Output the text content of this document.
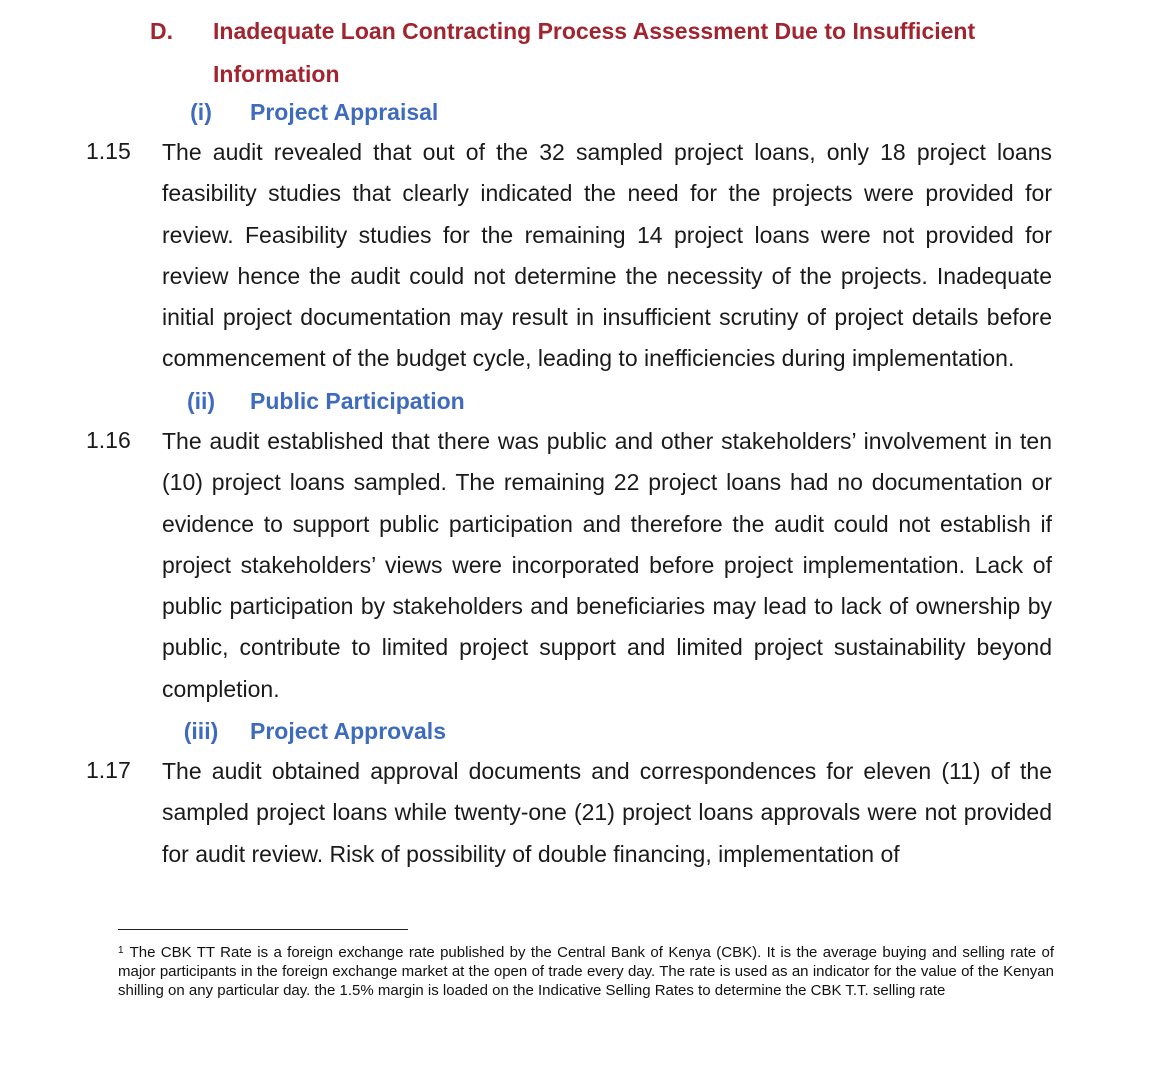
D. Inadequate Loan Contracting Process Assessment Due to Insufficient Information
(i)	Project Appraisal
1.15 The audit revealed that out of the 32 sampled project loans, only 18 project loans feasibility studies that clearly indicated the need for the projects were provided for review. Feasibility studies for the remaining 14 project loans were not provided for review hence the audit could not determine the necessity of the projects. Inadequate initial project documentation may result in insufficient scrutiny of project details before commencement of the budget cycle, leading to inefficiencies during implementation.
(ii)	Public Participation
1.16 The audit established that there was public and other stakeholders’ involvement in ten (10) project loans sampled. The remaining 22 project loans had no documentation or evidence to support public participation and therefore the audit could not establish if project stakeholders’ views were incorporated before project implementation. Lack of public participation by stakeholders and beneficiaries may lead to lack of ownership by public, contribute to limited project support and limited project sustainability beyond completion.
(iii)	Project Approvals
1.17 The audit obtained approval documents and correspondences for eleven (11) of the sampled project loans while twenty-one (21) project loans approvals were not provided for audit review. Risk of possibility of double financing, implementation of
$^1$ The CBK TT Rate is a foreign exchange rate published by the Central Bank of Kenya (CBK). It is the average buying and selling rate of major participants in the foreign exchange market at the open of trade every day. The rate is used as an indicator for the value of the Kenyan shilling on any particular day. the 1.5% margin is loaded on the Indicative Selling Rates to determine the CBK T.T. selling rate
